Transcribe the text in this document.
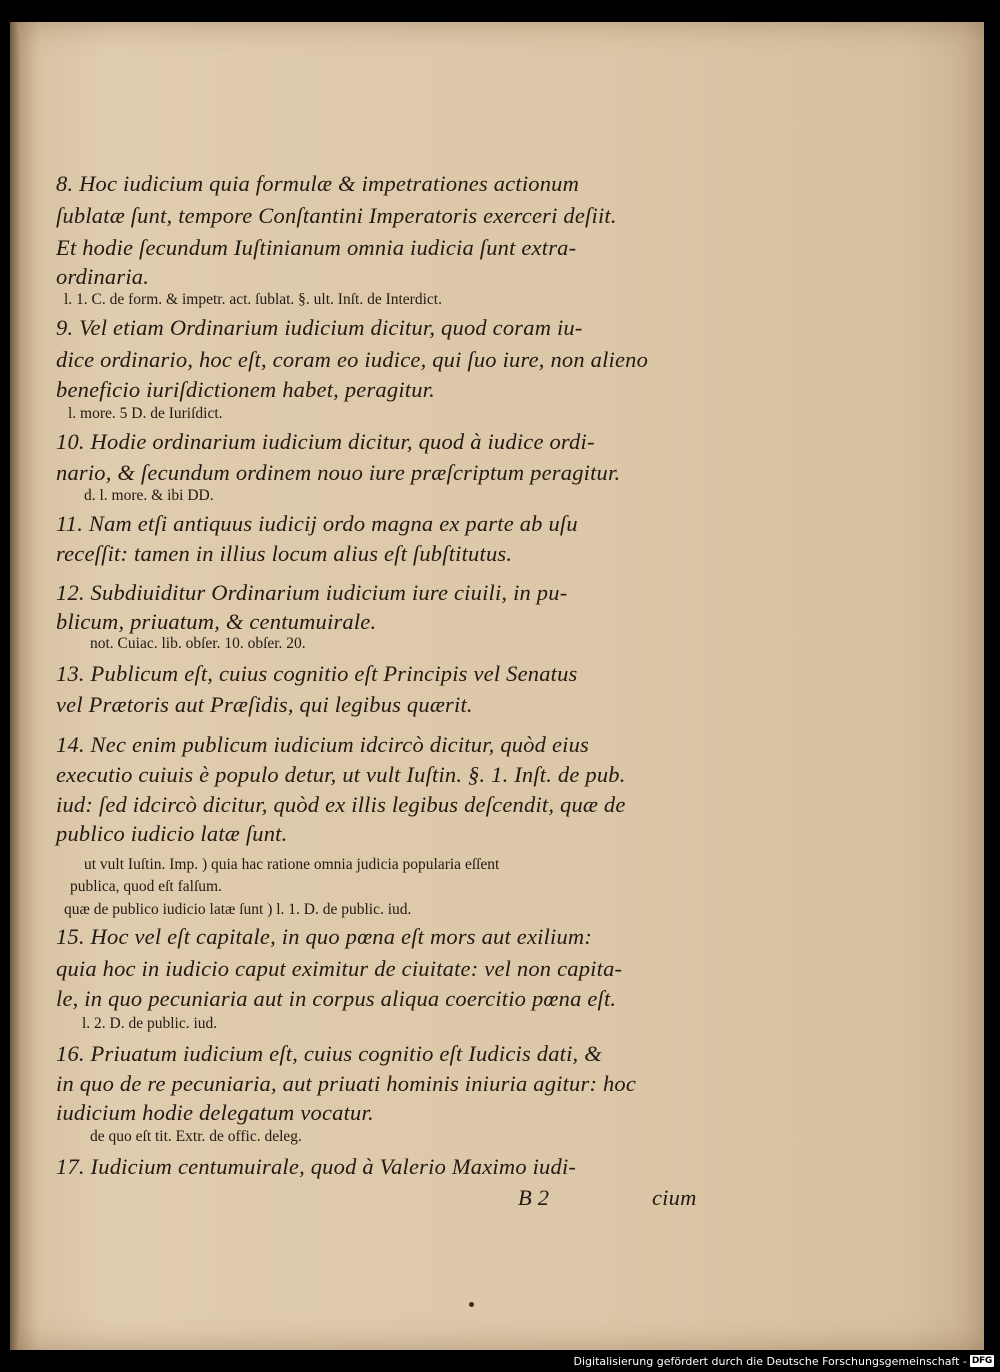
8. Hoc iudicium quia formulæ & impetrationes actionum
ſublatæ ſunt, tempore Conſtantini Imperatoris exerceri deſiit.
Et hodie ſecundum Iuſtinianum omnia iudicia ſunt extra-
ordinaria.
l. 1. C. de form. & impetr. act. ſublat. §. ult. Inſt. de Interdict.
9. Vel etiam Ordinarium iudicium dicitur, quod coram iu-
dice ordinario, hoc eſt, coram eo iudice, qui ſuo iure, non alieno
beneficio iuriſdictionem habet, peragitur.
l. more. 5 D. de Iuriſdict.
10. Hodie ordinarium iudicium dicitur, quod à iudice ordi-
nario, & ſecundum ordinem nouo iure præſcriptum peragitur.
d. l. more. & ibi DD.
11. Nam etſi antiquus iudicij ordo magna ex parte ab uſu
receſſit: tamen in illius locum alius eſt ſubſtitutus.
12. Subdiuiditur Ordinarium iudicium iure ciuili, in pu-
blicum, priuatum, & centumuirale.
not. Cuiac. lib. obſer. 10. obſer. 20.
13. Publicum eſt, cuius cognitio eſt Principis vel Senatus
vel Prætoris aut Præſidis, qui legibus quærit.
14. Nec enim publicum iudicium idcircò dicitur, quòd eius
executio cuiuis è populo detur, ut vult Iuſtin. §. 1. Inſt. de pub.
iud: ſed idcircò dicitur, quòd ex illis legibus deſcendit, quæ de
publico iudicio latæ ſunt.
ut vult Iuſtin. Imp. ) quia hac ratione omnia judicia popularia eſſent
publica, quod eſt falſum.
quæ de publico iudicio latæ ſunt ) l. 1. D. de public. iud.
15. Hoc vel eſt capitale, in quo pœna eſt mors aut exilium:
quia hoc in iudicio caput eximitur de ciuitate: vel non capita-
le, in quo pecuniaria aut in corpus aliqua coercitio pœna eſt.
l. 2. D. de public. iud.
16. Priuatum iudicium eſt, cuius cognitio eſt Iudicis dati, &
in quo de re pecuniaria, aut priuati hominis iniuria agitur: hoc
iudicium hodie delegatum vocatur.
de quo eſt tit. Extr. de offic. deleg.
17. Iudicium centumuirale, quod à Valerio Maximo iudi-
B 2	cium
Digitalisierung gefördert durch die Deutsche Forschungsgemeinschaft - DFG
